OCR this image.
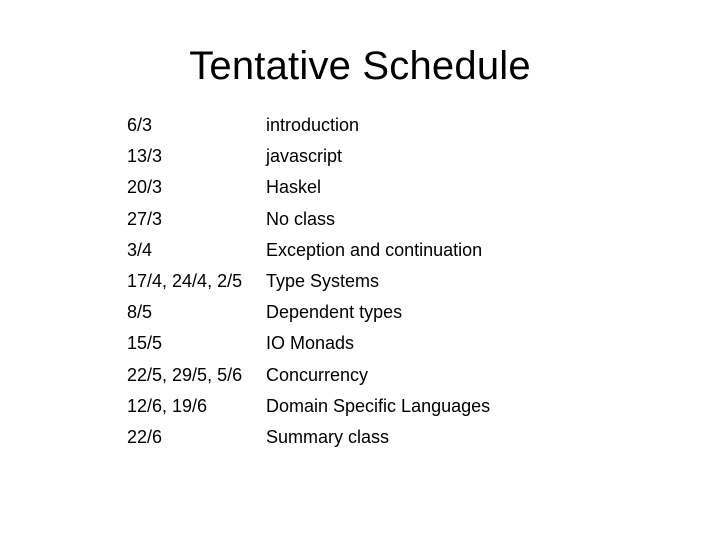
Tentative Schedule
6/3	introduction
13/3	javascript
20/3	Haskel
27/3	No class
3/4	Exception and continuation
17/4, 24/4, 2/5	Type Systems
8/5	Dependent types
15/5	IO Monads
22/5, 29/5, 5/6	Concurrency
12/6, 19/6	Domain Specific Languages
22/6	Summary class
